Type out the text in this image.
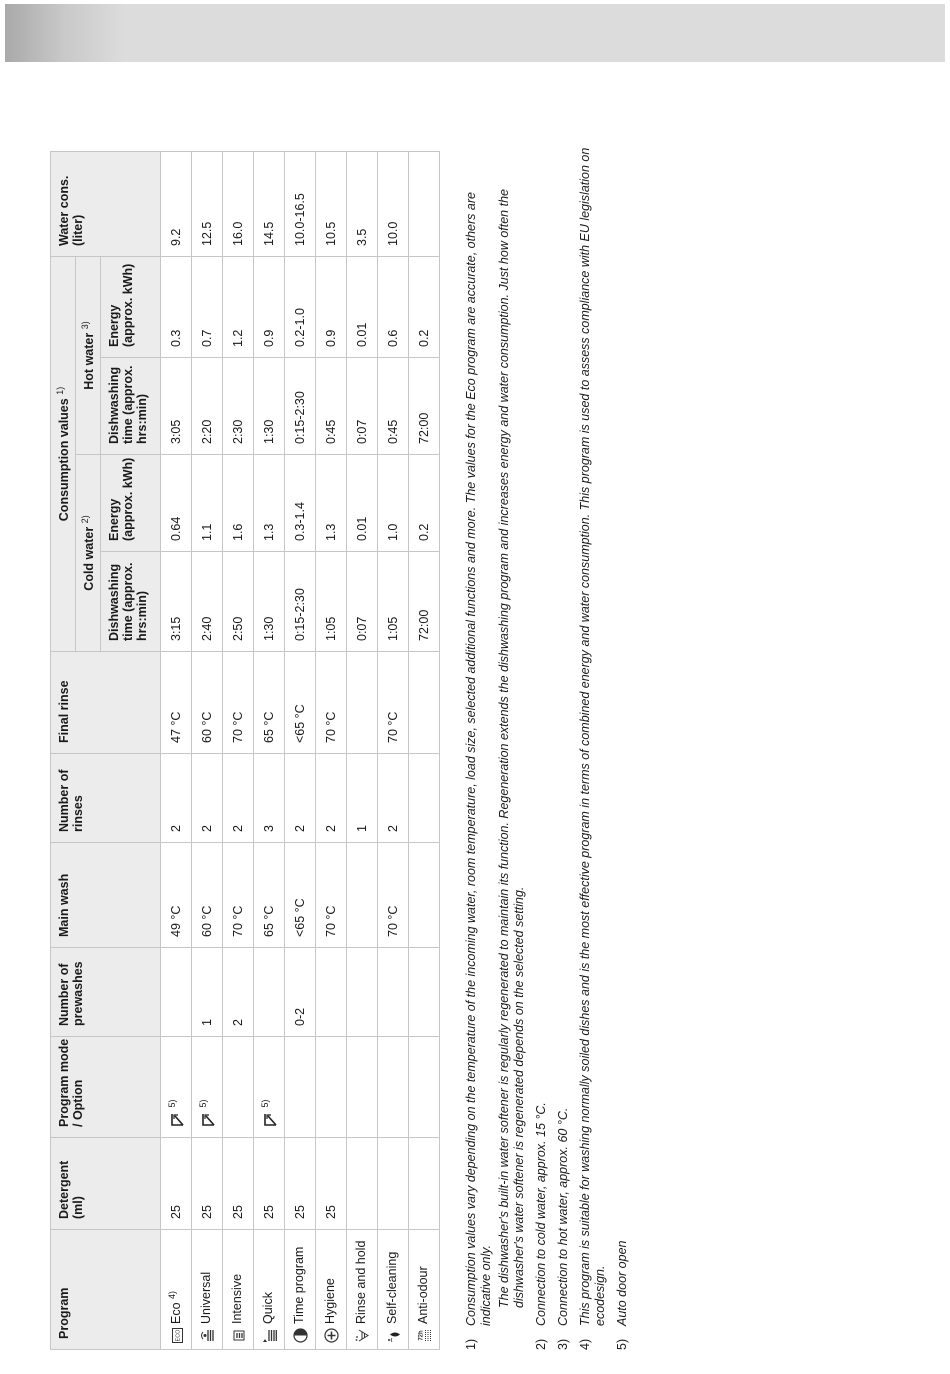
Program	Detergent (ml)	Program mode / Option	Number of prewashes	Main wash	Number of rinses	Final rinse	Consumption values $^{1)}$				Water cons. (liter)
							Cold water $^{2)}$		Hot water $^{3)}$
							Dishwashing time (approx. hrs:min)	Energy (approx. kWh)	Dishwashing time (approx. hrs:min)	Energy (approx. kWh)	

ECO
Eco $^{4)}$	25	$^{5)}$		49 °C	2	47 °C	3:15	0.64	3:05	0.3	9.2

Universal	25	$^{5)}$	1	60 °C	2	60 °C	2:40	1.1	2:20	0.7	12.5

Intensive	25		2	70 °C	2	70 °C	2:50	1.6	2:30	1.2	16.0

Quick	25	$^{5)}$		65 °C	3	65 °C	1:30	1.3	1:30	0.9	14.5

Time program	25		0-2	<65 °C	2	<65 °C	0:15-2:30	0.3-1.4	0:15-2:30	0.2-1.0	10.0-16.5

Hygiene	25			70 °C	2	70 °C	1:05	1.3	0:45	0.9	10.5

Rinse and hold					1		0:07	0.01	0:07	0.01	3.5

Self-cleaning				70 °C	2	70 °C	1:05	1.0	0:45	0.6	10.0

72h
Anti-odour							72:00	0.2	72:00	0.2	
1)

Consumption values vary depending on the temperature of the incoming water, room temperature, load size, selected additional functions and more. The values for the Eco program are accurate, others are indicative only. The dishwasher's built-in water softener is regularly regenerated to maintain its function. Regeneration extends the dishwashing program and increases energy and water consumption. Just how often the dishwasher's water softener is regenerated depends on the selected setting.

2)

Connection to cold water, approx. 15 °C.

3)

Connection to hot water, approx. 60 °C.

4)

This program is suitable for washing normally soiled dishes and is the most effective program in terms of combined energy and water consumption. This program is used to assess compliance with EU legislation on ecodesign.

5)

Auto door open
